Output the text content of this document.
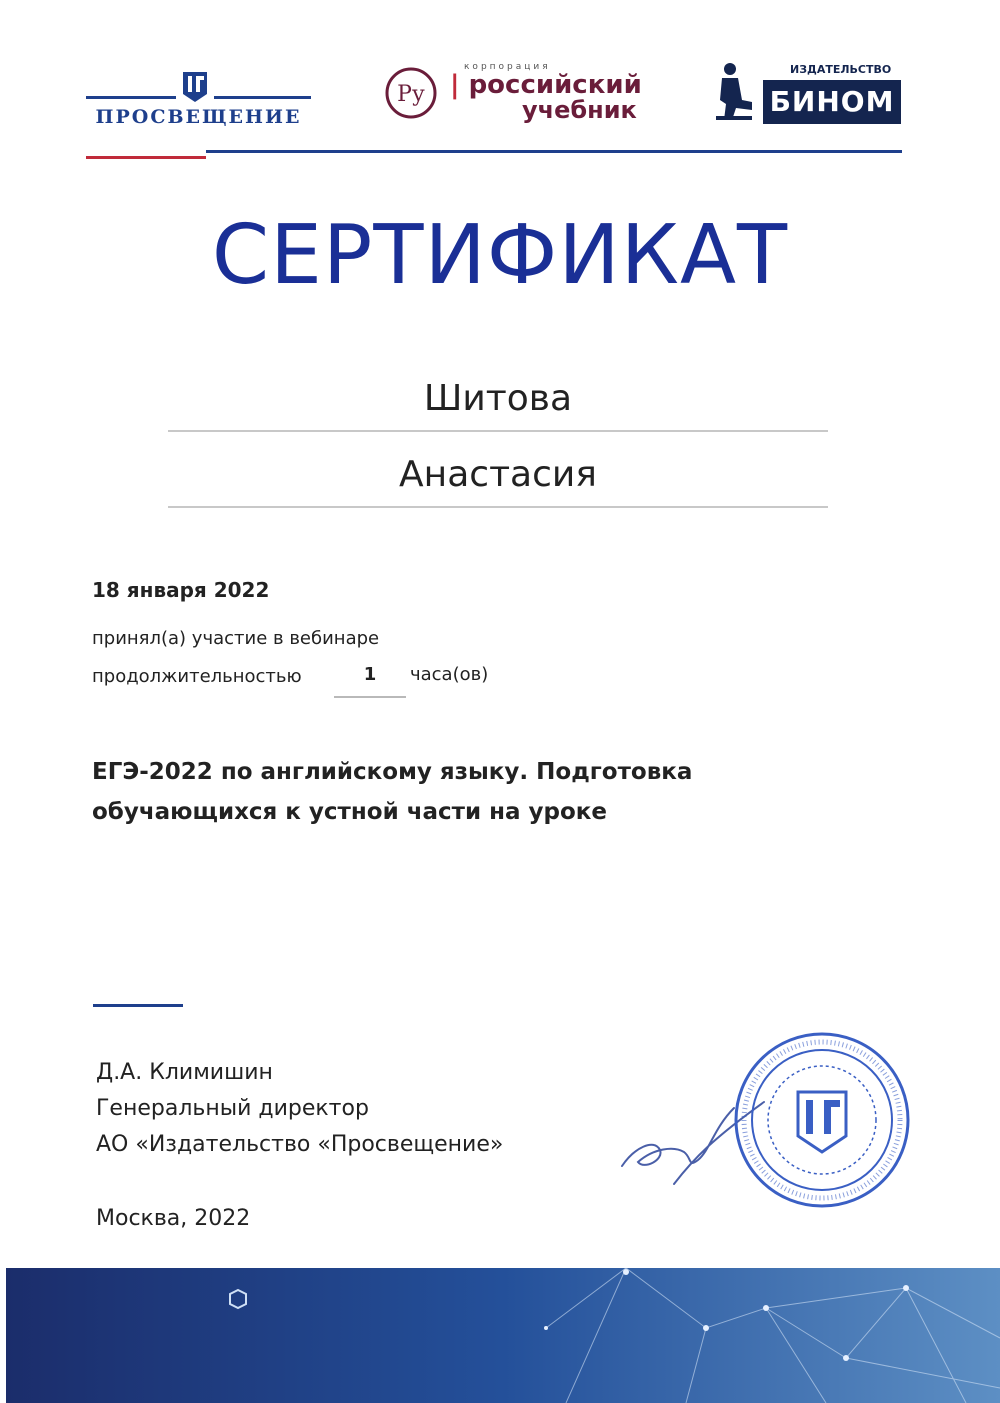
ПРОСВЕЩЕНИЕ
Pу
корпорация
| российский
учебник
ИЗДАТЕЛЬСТВО
БИНОМ
СЕРТИФИКАТ
Шитова
Анастасия
18 января 2022
принял(а) участие в вебинаре
продолжительностью	1	часа(ов)
ЕГЭ-2022 по английскому языку. Подготовка
обучающихся к устной части на уроке
Д.А. Климишин
Генеральный директор
АО «Издательство «Просвещение»
Москва, 2022
